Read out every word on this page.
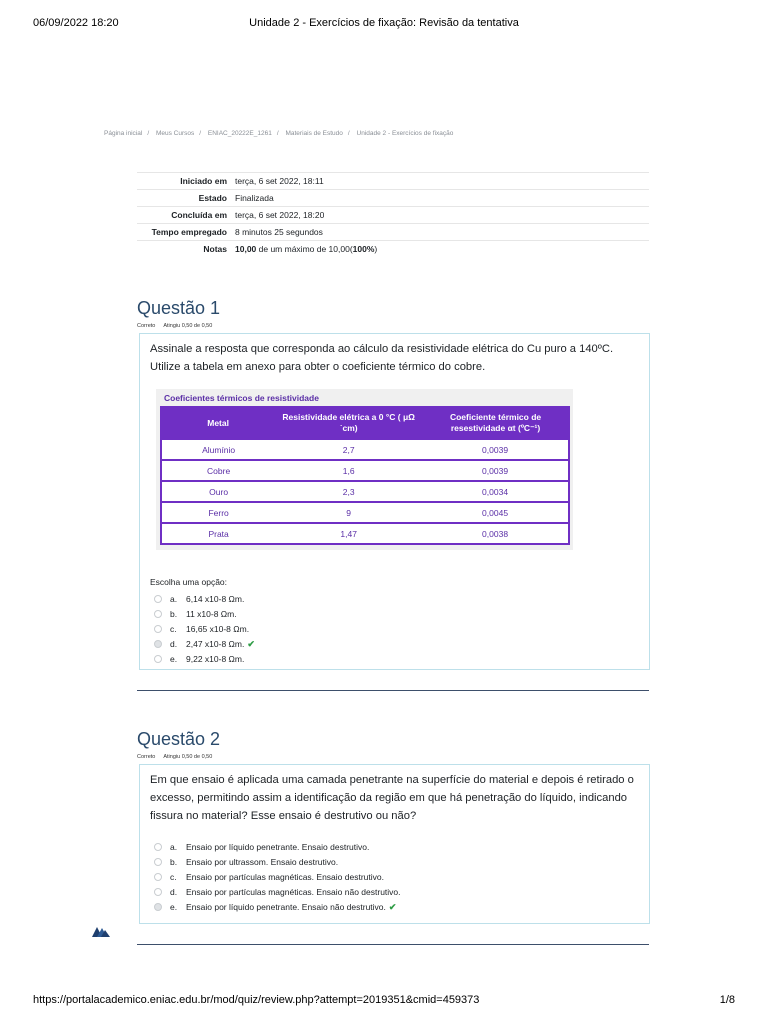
06/09/2022 18:20	Unidade 2 - Exercícios de fixação: Revisão da tentativa
Página inicial / Meus Cursos / ENIAC_20222E_1261 / Materiais de Estudo / Unidade 2 - Exercícios de fixação
Iniciado em terça, 6 set 2022, 18:11
Estado Finalizada
Concluída em terça, 6 set 2022, 18:20
Tempo empregado 8 minutos 25 segundos
Notas 10,00 de um máximo de 10,00(100%)
Questão 1
Correto Atingiu 0,50 de 0,50
Assinale a resposta que corresponda ao cálculo da resistividade elétrica do Cu puro a 140ºC. Utilize a tabela em anexo para obter o coeficiente térmico do cobre.
Coeficientes térmicos de resistividade
Metal	Resistividade elétrica a 0 °C ( μΩ ˙cm)	Coeficiente térmico de resestividade αt (ºC⁻¹)
Alumínio	2,7	0,0039
Cobre	1,6	0,0039
Ouro	2,3	0,0034
Ferro	9	0,0045
Prata	1,47	0,0038
Escolha uma opção:
a.	6,14 x10-8 Ωm.
b.	11 x10-8 Ωm.
c.	16,65 x10-8 Ωm.
d.	2,47 x10-8 Ωm. ✔
e.	9,22 x10-8 Ωm.
Questão 2
Correto Atingiu 0,50 de 0,50
Em que ensaio é aplicada uma camada penetrante na superfície do material e depois é retirado o excesso, permitindo assim a identificação da região em que há penetração do líquido, indicando fissura no material? Esse ensaio é destrutivo ou não?
a.	Ensaio por líquido penetrante. Ensaio destrutivo.
b.	Ensaio por ultrassom. Ensaio destrutivo.
c.	Ensaio por partículas magnéticas. Ensaio destrutivo.
d.	Ensaio por partículas magnéticas. Ensaio não destrutivo.
e.	Ensaio por líquido penetrante. Ensaio não destrutivo. ✔
https://portalacademico.eniac.edu.br/mod/quiz/review.php?attempt=2019351&cmid=459373	1/8
